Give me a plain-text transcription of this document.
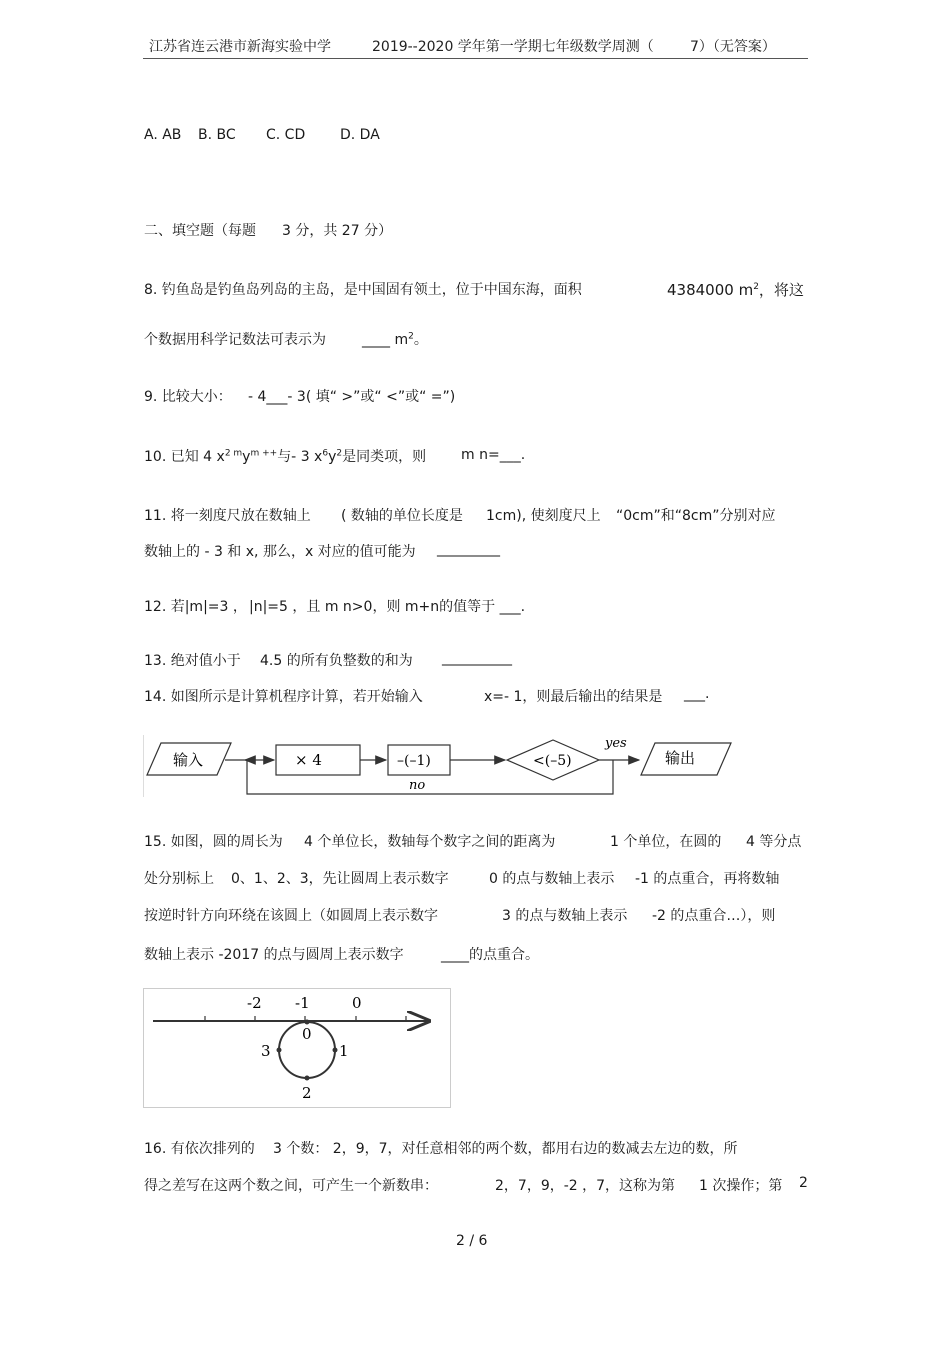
江苏省连云港市新海实验中学	2019--2020 学年第一学期七年级数学周测（	7）（无答案）
A. AB B. BC C. CD D. DA
二、填空题（每题 3 分，共 27 分）
8. 钓鱼岛是钓鱼岛列岛的主岛，是中国固有领土，位于中国东海，面积	4384000 $m^2$，将这
个数据用科学记数法可表示为	____ $m^2$。
9. 比较大小： - 4___- 3( 填“ >”或“ <”或“ =”)
10. 已知 4 $x^{2 m}y^{m ++}$与- 3 $x^6y^2$是同类项，则 m n=___.
11. 将一刻度尺放在数轴上 ( 数轴的单位长度是 1cm), 使刻度尺上 “0cm”和“8cm”分别对应
数轴上的 - 3 和 x, 那么，x 对应的值可能为 _________
12. 若|m|=3 ， |n|=5 ，且 m n>0，则 m+n的值等于 ___.
13. 绝对值小于 4.5 的所有负整数的和为 __________
14. 如图所示是计算机程序计算，若开始输入	x=- 1，则最后输出的结果是 ___.
输入	× 4	–(–1)	<(–5)
yes
输出
no
15. 如图，圆的周长为 4 个单位长，数轴每个数字之间的距离为	1 个单位，在圆的 4 等分点
处分别标上 0、1、2、3，先让圆周上表示数字	0 的点与数轴上表示 -1 的点重合，再将数轴
按逆时针方向环绕在该圆上（如圆周上表示数字	3 的点与数轴上表示 -2 的点重合…），则
数轴上表示 -2017 的点与圆周上表示数字	____的点重合。
-2 -1	0
0
1
2
3
16. 有依次排列的 3 个数： 2，9，7，对任意相邻的两个数，都用右边的数减去左边的数，所
得之差写在这两个数之间，可产生一个新数串：	2，7，9，-2 ，7，这称为第 1 次操作；第 2
2 / 6
